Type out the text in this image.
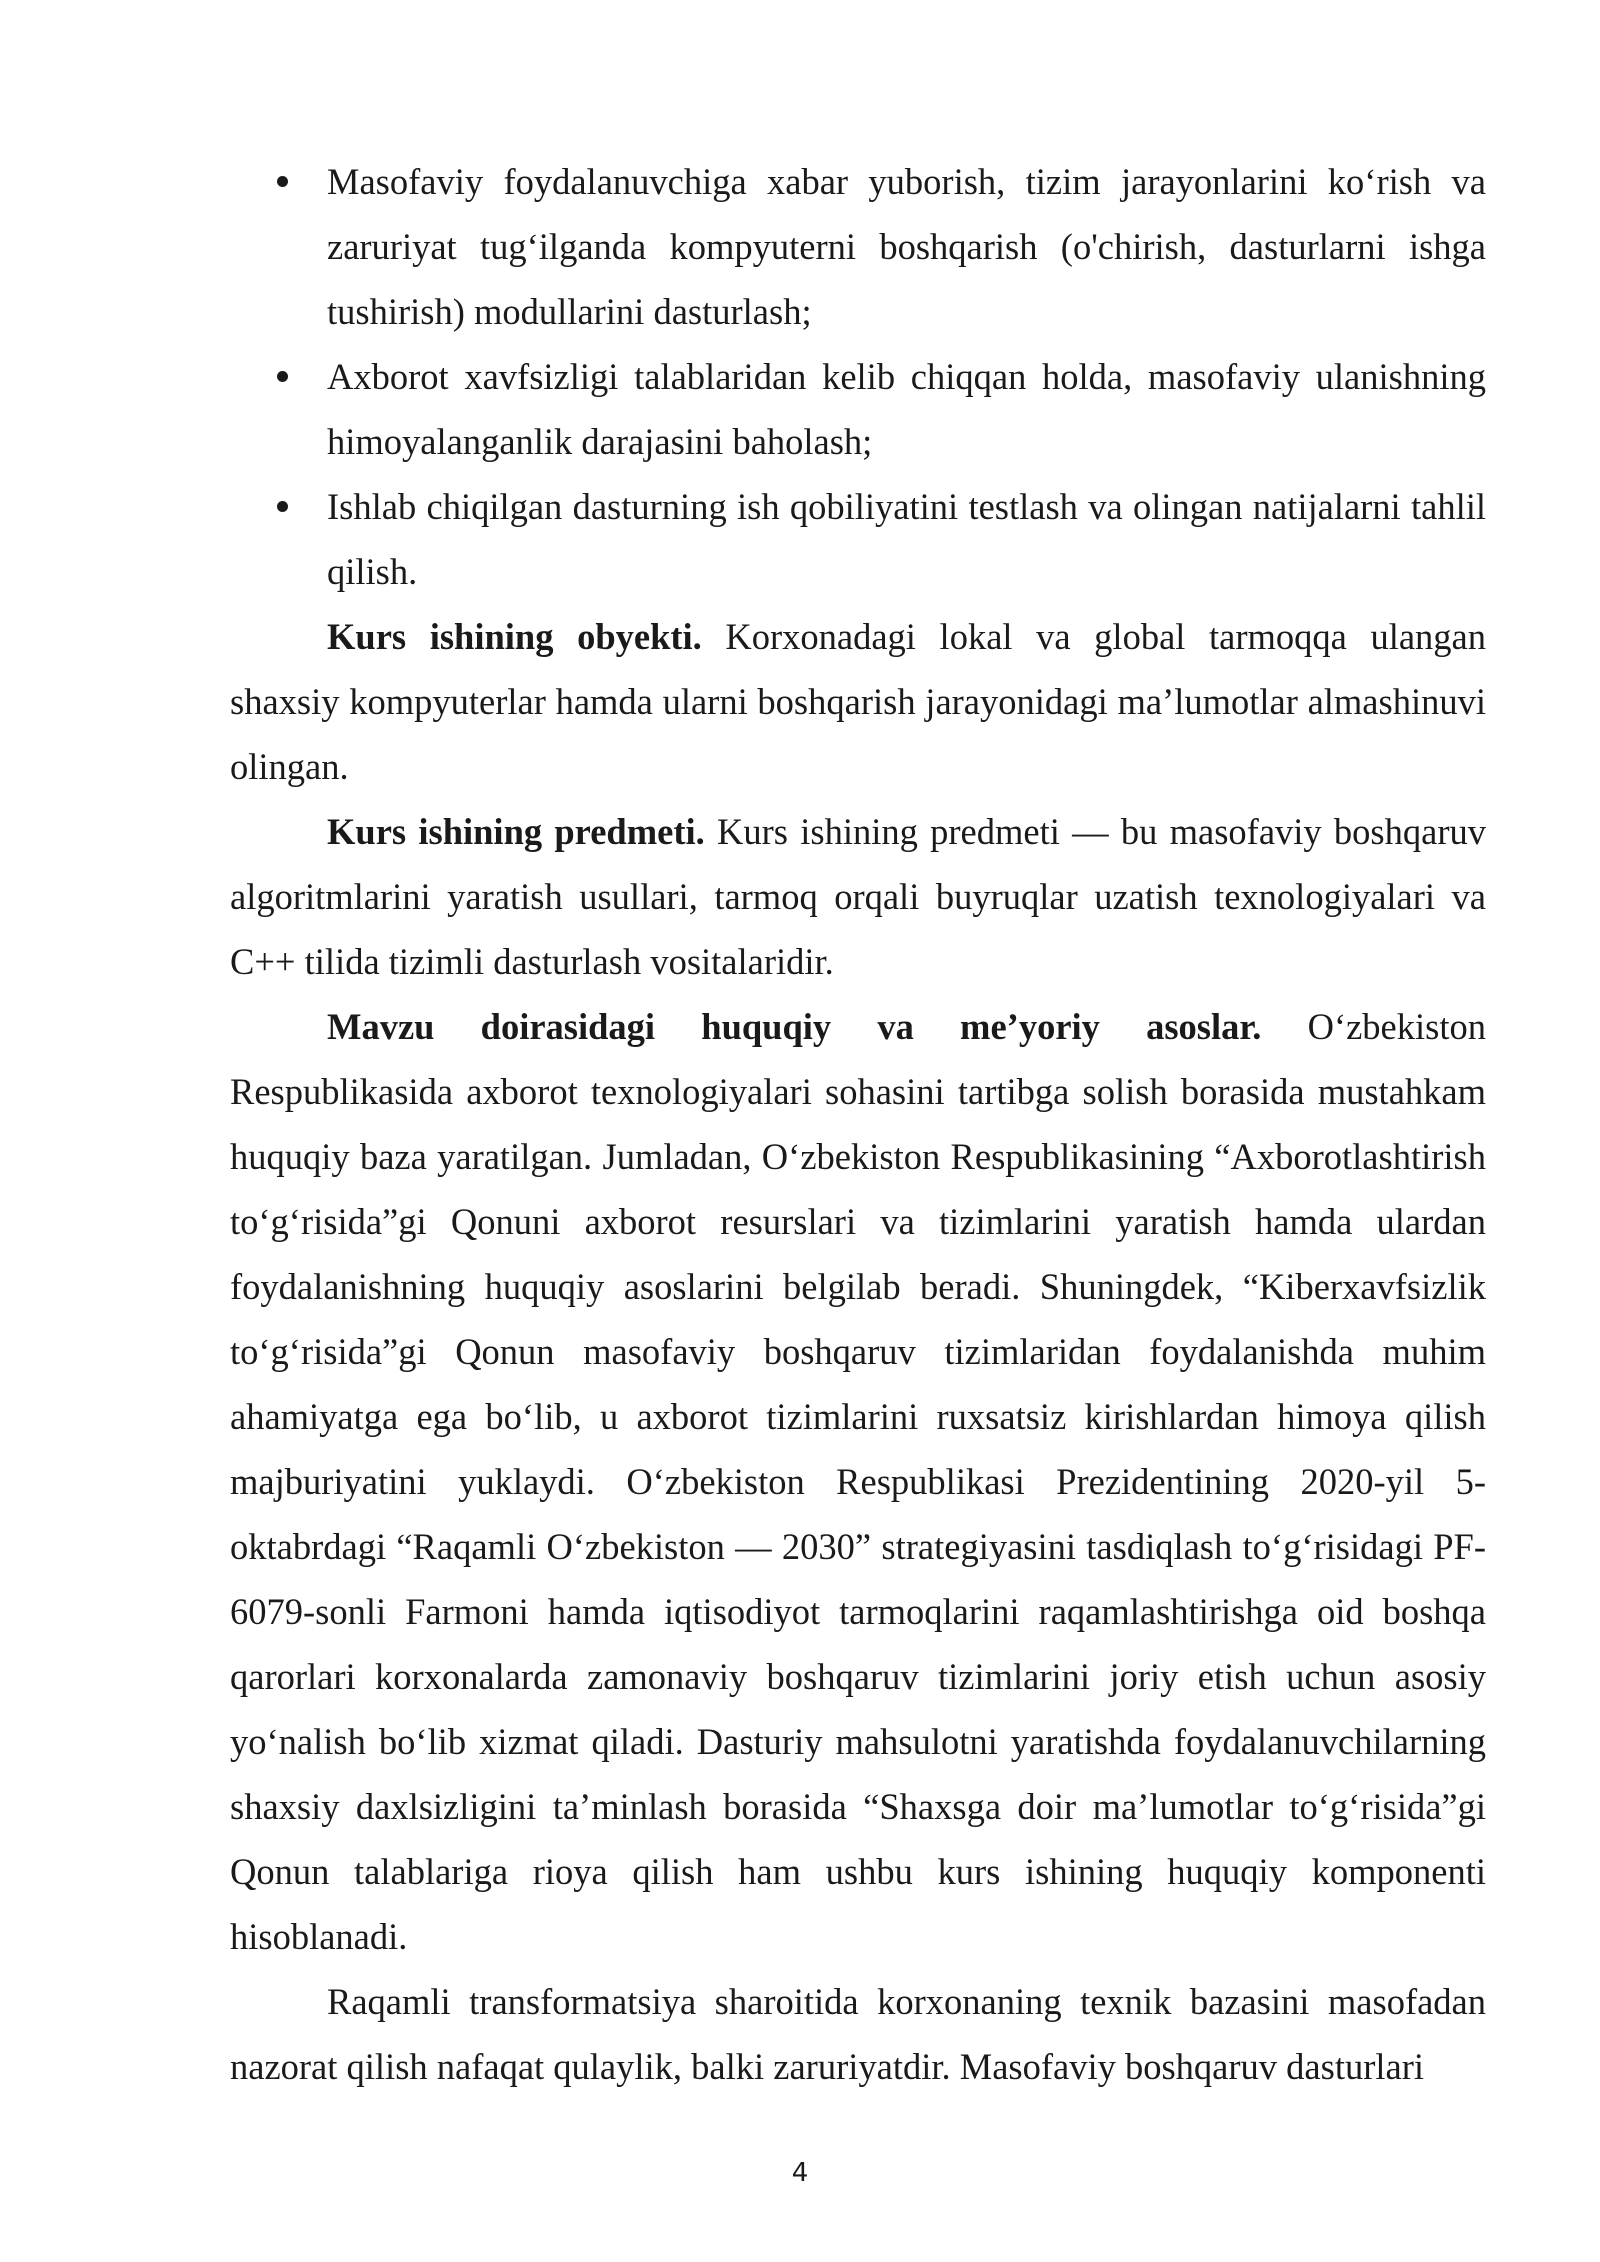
Masofaviy foydalanuvchiga xabar yuborish, tizim jarayonlarini ko‘rish va zaruriyat tug‘ilganda kompyuterni boshqarish (o'chirish, dasturlarni ishga tushirish) modullarini dasturlash;
Axborot xavfsizligi talablaridan kelib chiqqan holda, masofaviy ulanishning himoyalanganlik darajasini baholash;
Ishlab chiqilgan dasturning ish qobiliyatini testlash va olingan natijalarni tahlil qilish.

Kurs ishining obyekti. Korxonadagi lokal va global tarmoqqa ulangan shaxsiy kompyuterlar hamda ularni boshqarish jarayonidagi ma’lumotlar almashinuvi olingan.

Kurs ishining predmeti. Kurs ishining predmeti — bu masofaviy boshqaruv algoritmlarini yaratish usullari, tarmoq orqali buyruqlar uzatish texnologiyalari va C++ tilida tizimli dasturlash vositalaridir.

Mavzu doirasidagi huquqiy va me’yoriy asoslar. O‘zbekiston Respublikasida axborot texnologiyalari sohasini tartibga solish borasida mustahkam huquqiy baza yaratilgan. Jumladan, O‘zbekiston Respublikasining “Axborotlashtirish to‘g‘risida”gi Qonuni axborot resurslari va tizimlarini yaratish hamda ulardan foydalanishning huquqiy asoslarini belgilab beradi. Shuningdek, “Kiberxavfsizlik to‘g‘risida”gi Qonun masofaviy boshqaruv tizimlaridan foydalanishda muhim ahamiyatga ega bo‘lib, u axborot tizimlarini ruxsatsiz kirishlardan himoya qilish majburiyatini yuklaydi. O‘zbekiston Respublikasi Prezidentining 2020-yil 5-oktabrdagi “Raqamli O‘zbekiston — 2030” strategiyasini tasdiqlash to‘g‘risidagi PF-6079-sonli Farmoni hamda iqtisodiyot tarmoqlarini raqamlashtirishga oid boshqa qarorlari korxonalarda zamonaviy boshqaruv tizimlarini joriy etish uchun asosiy yo‘nalish bo‘lib xizmat qiladi. Dasturiy mahsulotni yaratishda foydalanuvchilarning shaxsiy daxlsizligini ta’minlash borasida “Shaxsga doir ma’lumotlar to‘g‘risida”gi Qonun talablariga rioya qilish ham ushbu kurs ishining huquqiy komponenti hisoblanadi.

Raqamli transformatsiya sharoitida korxonaning texnik bazasini masofadan nazorat qilish nafaqat qulaylik, balki zaruriyatdir. Masofaviy boshqaruv dasturlari

4
